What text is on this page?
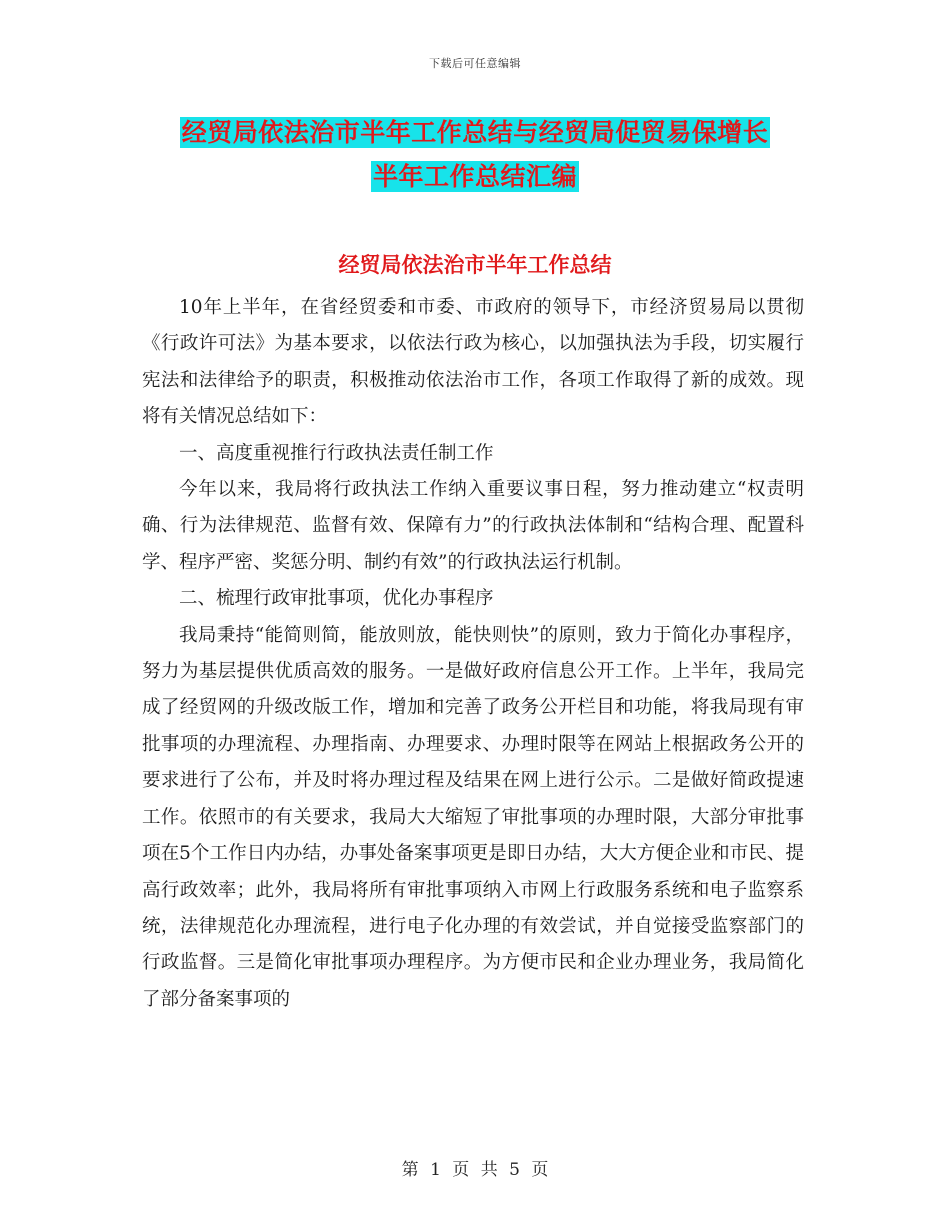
下载后可任意编辑
经贸局依法治市半年工作总结与经贸局促贸易保增长
半年工作总结汇编
经贸局依法治市半年工作总结

10年上半年，在省经贸委和市委、市政府的领导下，市经济贸易局以贯彻《行政许可法》为基本要求，以依法行政为核心，以加强执法为手段，切实履行宪法和法律给予的职责，积极推动依法治市工作，各项工作取得了新的成效。现将有关情况总结如下：

一、高度重视推行行政执法责任制工作

今年以来，我局将行政执法工作纳入重要议事日程，努力推动建立“权责明确、行为法律规范、监督有效、保障有力”的行政执法体制和“结构合理、配置科学、程序严密、奖惩分明、制约有效”的行政执法运行机制。

二、梳理行政审批事项，优化办事程序

我局秉持“能简则简，能放则放，能快则快”的原则，致力于简化办事程序，努力为基层提供优质高效的服务。一是做好政府信息公开工作。上半年，我局完成了经贸网的升级改版工作，增加和完善了政务公开栏目和功能，将我局现有审批事项的办理流程、办理指南、办理要求、办理时限等在网站上根据政务公开的要求进行了公布，并及时将办理过程及结果在网上进行公示。二是做好简政提速工作。依照市的有关要求，我局大大缩短了审批事项的办理时限，大部分审批事项在5个工作日内办结，办事处备案事项更是即日办结，大大方便企业和市民、提高行政效率；此外，我局将所有审批事项纳入市网上行政服务系统和电子监察系统，法律规范化办理流程，进行电子化办理的有效尝试，并自觉接受监察部门的行政监督。三是简化审批事项办理程序。为方便市民和企业办理业务，我局简化了部分备案事项的

第 1 页 共 5 页
